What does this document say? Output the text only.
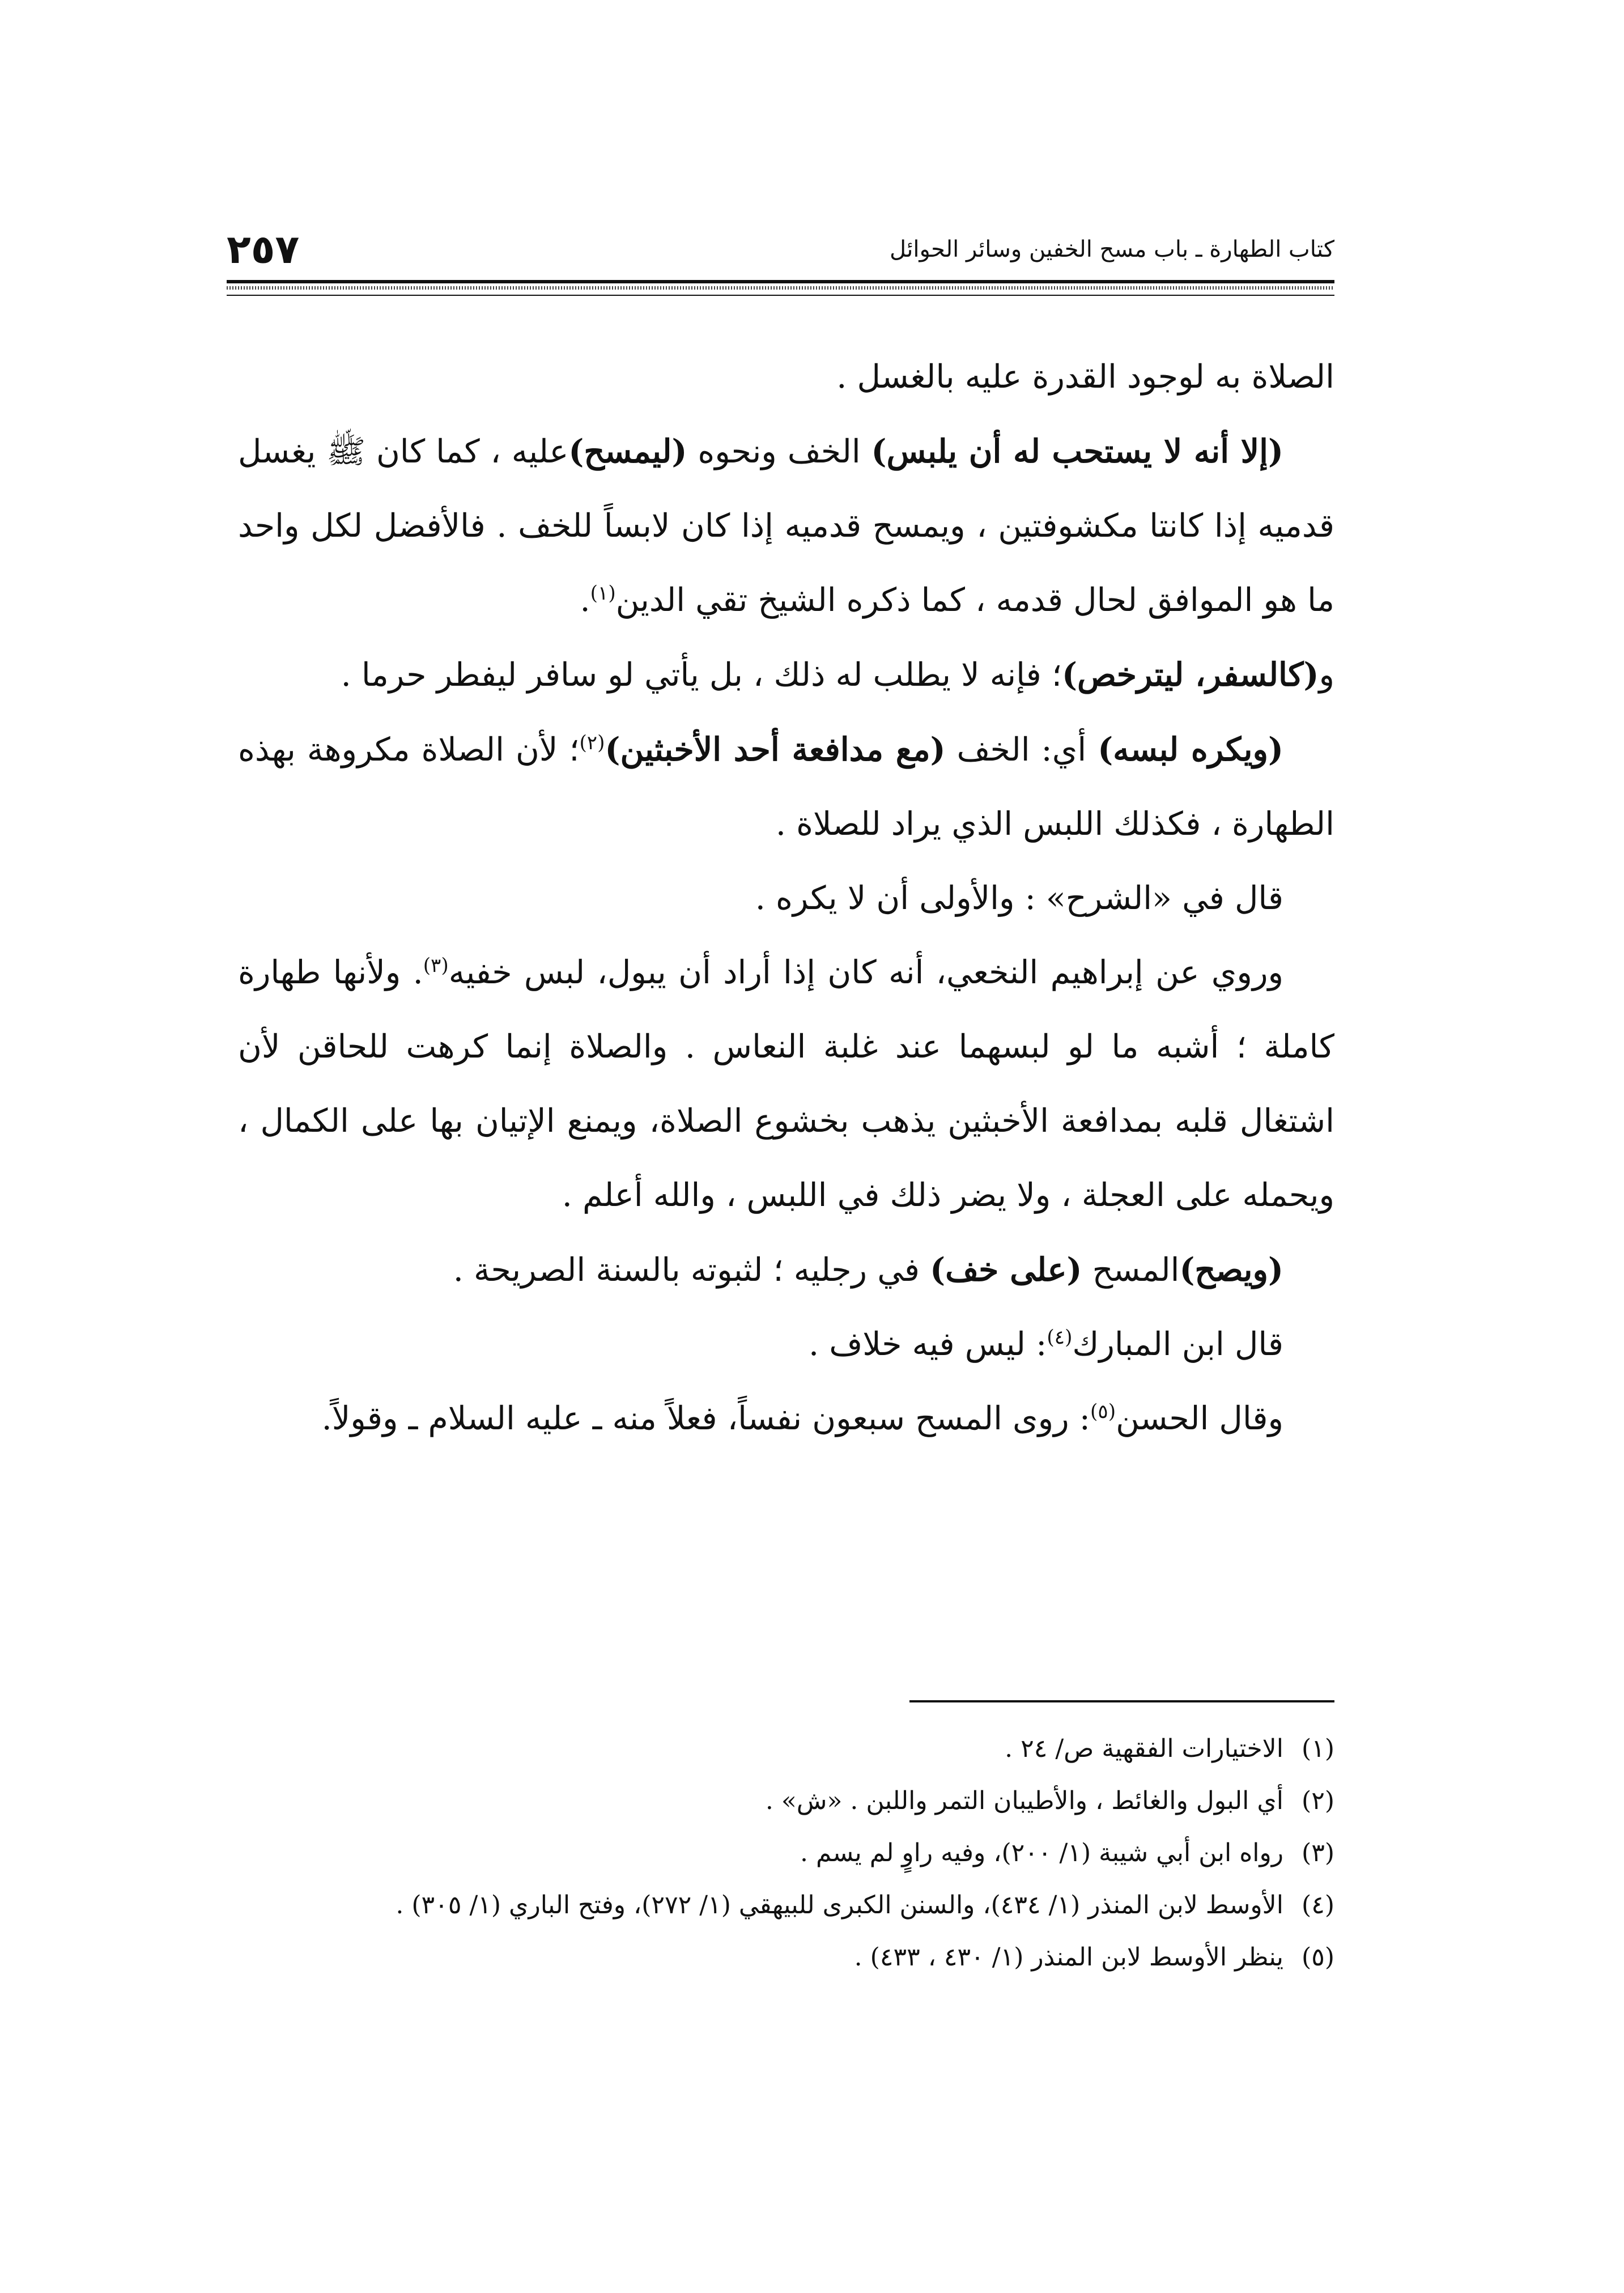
٢٥٧	كتاب الطهارة ـ باب مسح الخفين وسائر الحوائل

الصلاة به لوجود القدرة عليه بالغسل .

(إلا أنه لا يستحب له أن يلبس) الخف ونحوه (ليمسح)عليه ، كما كان ﷺ يغسل قدميه إذا كانتا مكشوفتين ، ويمسح قدميه إذا كان لابساً للخف . فالأفضل لكل واحد ما هو الموافق لحال قدمه ، كما ذكره الشيخ تقي الدين$^{(١)}$.

و(كالسفر، ليترخص)؛ فإنه لا يطلب له ذلك ، بل يأتي لو سافر ليفطر حرما .

(ويكره لبسه) أي: الخف (مع مدافعة أحد الأخبثين)$^{(٢)}$؛ لأن الصلاة مكروهة بهذه الطهارة ، فكذلك اللبس الذي يراد للصلاة .

قال في «الشرح» : والأولى أن لا يكره .

وروي عن إبراهيم النخعي، أنه كان إذا أراد أن يبول، لبس خفيه$^{(٣)}$. ولأنها طهارة كاملة ؛ أشبه ما لو لبسهما عند غلبة النعاس . والصلاة إنما كرهت للحاقن لأن اشتغال قلبه بمدافعة الأخبثين يذهب بخشوع الصلاة، ويمنع الإتيان بها على الكمال ، ويحمله على العجلة ، ولا يضر ذلك في اللبس ، والله أعلم .

(ويصح)المسح (على خف) في رجليه ؛ لثبوته بالسنة الصريحة .

قال ابن المبارك$^{(٤)}$: ليس فيه خلاف .

وقال الحسن$^{(٥)}$: روى المسح سبعون نفساً، فعلاً منه ـ عليه السلام ـ وقولاً.

(١)
الاختيارات الفقهية ص/ ٢٤ .
(٢)
أي البول والغائط ، والأطيبان التمر واللبن . «ش» .
(٣)
رواه ابن أبي شيبة (١/ ٢٠٠)، وفيه راوٍ لم يسم .
(٤)
الأوسط لابن المنذر (١/ ٤٣٤)، والسنن الكبرى للبيهقي (١/ ٢٧٢)، وفتح الباري (١/ ٣٠٥) .
(٥)
ينظر الأوسط لابن المنذر (١/ ٤٣٠ ، ٤٣٣) .
